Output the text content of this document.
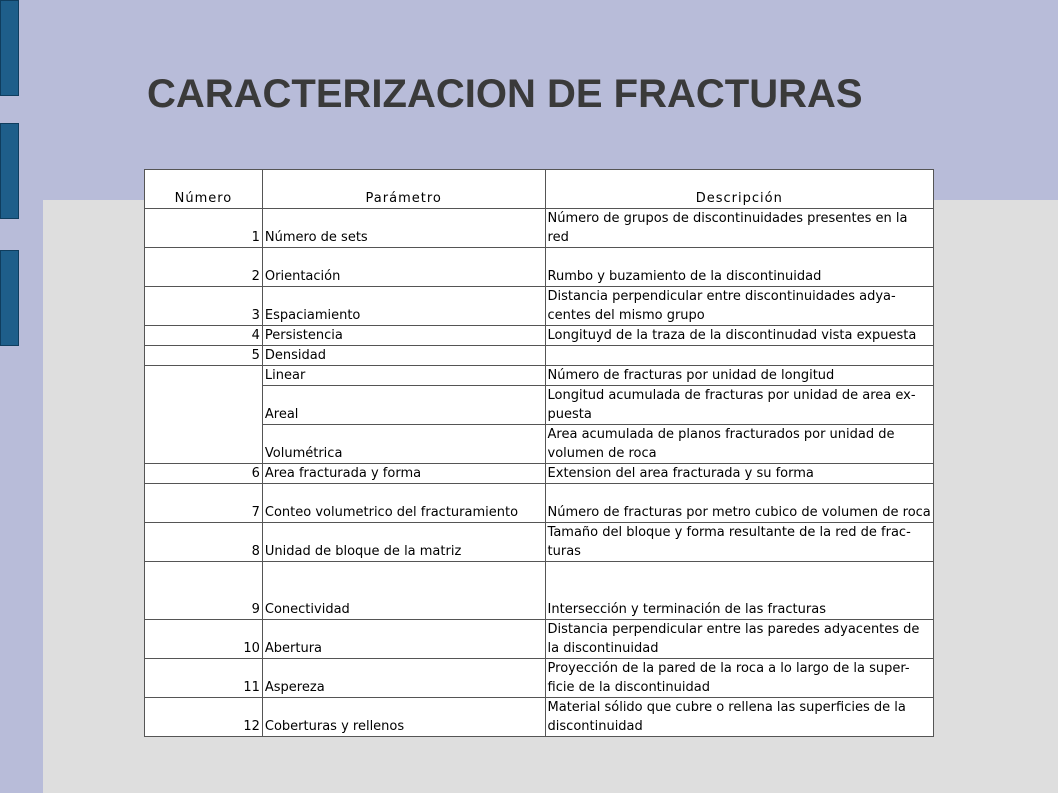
CARACTERIZACION DE FRACTURAS
Número	Parámetro	Descripción
1	Número de sets	Número de grupos de discontinuidades presentes en la red
2	Orientación	Rumbo y buzamiento de la discontinuidad
3	Espaciamiento	Distancia perpendicular entre discontinuidades adya-centes del mismo grupo
4	Persistencia	Longituyd de la traza de la discontinudad vista expuesta
5	Densidad	
	Linear	Número de fracturas por unidad de longitud
	Areal	Longitud acumulada de fracturas por unidad de area ex-puesta
	Volumétrica	Area acumulada de planos fracturados por unidad de volumen de roca
6	Area fracturada y forma	Extension del area fracturada y su forma
7	Conteo volumetrico del fracturamiento	Número de fracturas por metro cubico de volumen de roca
8	Unidad de bloque de la matriz	Tamaño del bloque y forma resultante de la red de frac-turas
9	Conectividad	Intersección y terminación de las fracturas
10	Abertura	Distancia perpendicular entre las paredes adyacentes de la discontinuidad
11	Aspereza	Proyección de la pared de la roca a lo largo de la super-ficie de la discontinuidad
12	Coberturas y rellenos	Material sólido que cubre o rellena las superficies de la discontinuidad
